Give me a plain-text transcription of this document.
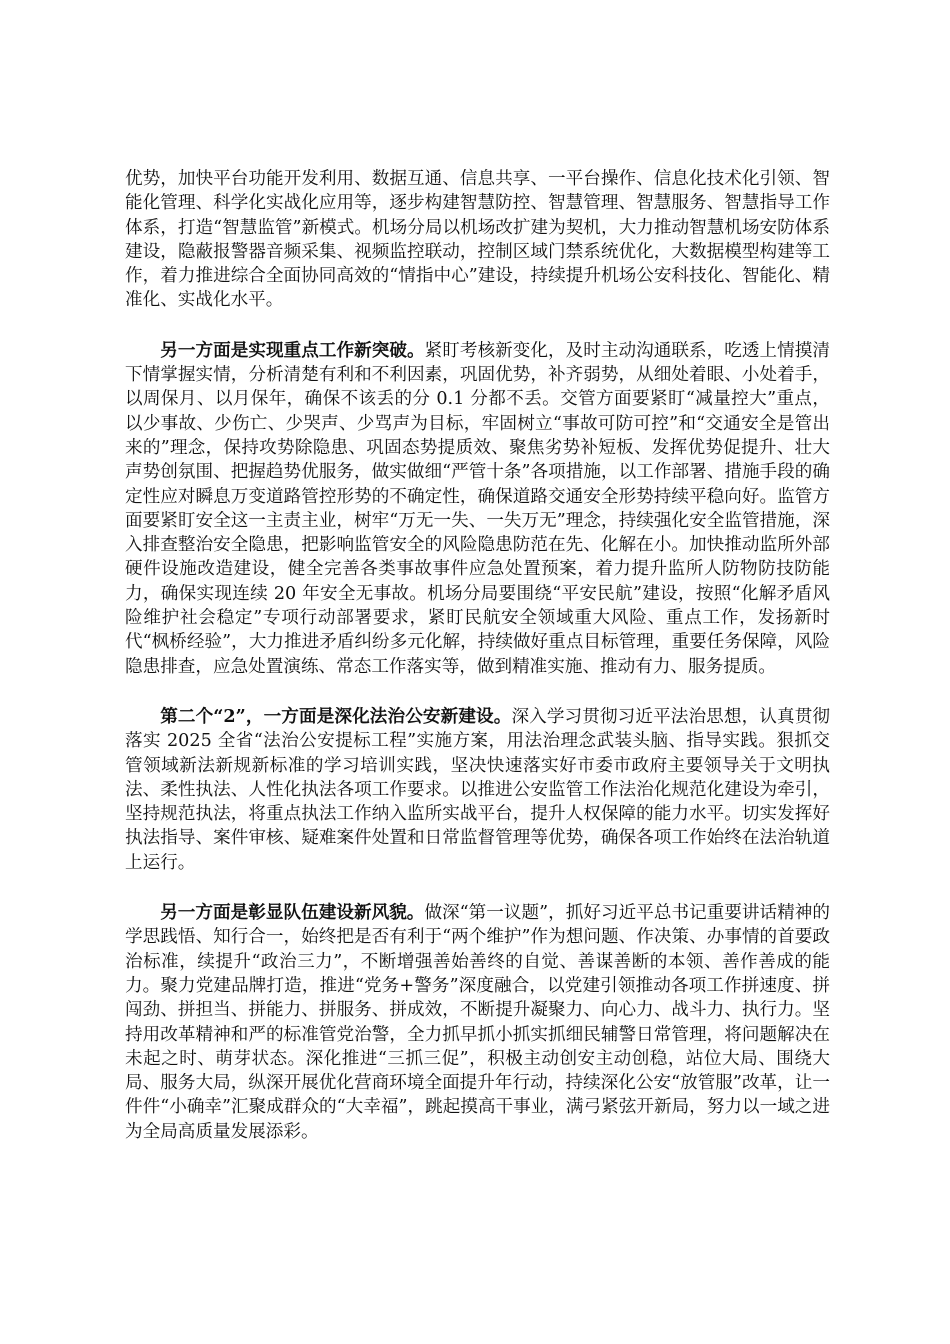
优势，加快平台功能开发利用、数据互通、信息共享、一平台操作、信息化技术化引领、智能化管理、科学化实战化应用等，逐步构建智慧防控、智慧管理、智慧服务、智慧指导工作体系，打造“智慧监管”新模式。机场分局以机场改扩建为契机，大力推动智慧机场安防体系建设，隐蔽报警器音频采集、视频监控联动，控制区域门禁系统优化，大数据模型构建等工作，着力推进综合全面协同高效的“情指中心”建设，持续提升机场公安科技化、智能化、精准化、实战化水平。

另一方面是实现重点工作新突破。紧盯考核新变化，及时主动沟通联系，吃透上情摸清下情掌握实情，分析清楚有利和不利因素，巩固优势，补齐弱势，从细处着眼、小处着手，以周保月、以月保年，确保不该丢的分 0.1 分都不丢。交管方面要紧盯“减量控大”重点，以少事故、少伤亡、少哭声、少骂声为目标，牢固树立“事故可防可控”和“交通安全是管出来的”理念，保持攻势除隐患、巩固态势提质效、聚焦劣势补短板、发挥优势促提升、壮大声势创氛围、把握趋势优服务，做实做细“严管十条”各项措施，以工作部署、措施手段的确定性应对瞬息万变道路管控形势的不确定性，确保道路交通安全形势持续平稳向好。监管方面要紧盯安全这一主责主业，树牢“万无一失、一失万无”理念，持续强化安全监管措施，深入排查整治安全隐患，把影响监管安全的风险隐患防范在先、化解在小。加快推动监所外部硬件设施改造建设，健全完善各类事故事件应急处置预案，着力提升监所人防物防技防能力，确保实现连续 20 年安全无事故。机场分局要围绕“平安民航”建设，按照“化解矛盾风险维护社会稳定”专项行动部署要求，紧盯民航安全领域重大风险、重点工作，发扬新时代“枫桥经验”，大力推进矛盾纠纷多元化解，持续做好重点目标管理，重要任务保障，风险隐患排查，应急处置演练、常态工作落实等，做到精准实施、推动有力、服务提质。

第二个“2”，一方面是深化法治公安新建设。深入学习贯彻习近平法治思想，认真贯彻落实 2025 全省“法治公安提标工程”实施方案，用法治理念武装头脑、指导实践。狠抓交管领域新法新规新标准的学习培训实践，坚决快速落实好市委市政府主要领导关于文明执法、柔性执法、人性化执法各项工作要求。以推进公安监管工作法治化规范化建设为牵引，坚持规范执法，将重点执法工作纳入监所实战平台，提升人权保障的能力水平。切实发挥好执法指导、案件审核、疑难案件处置和日常监督管理等优势，确保各项工作始终在法治轨道上运行。

另一方面是彰显队伍建设新风貌。做深“第一议题”，抓好习近平总书记重要讲话精神的学思践悟、知行合一，始终把是否有利于“两个维护”作为想问题、作决策、办事情的首要政治标准，续提升“政治三力”，不断增强善始善终的自觉、善谋善断的本领、善作善成的能力。聚力党建品牌打造，推进“党务+警务”深度融合，以党建引领推动各项工作拼速度、拼闯劲、拼担当、拼能力、拼服务、拼成效，不断提升凝聚力、向心力、战斗力、执行力。坚持用改革精神和严的标准管党治警，全力抓早抓小抓实抓细民辅警日常管理，将问题解决在未起之时、萌芽状态。深化推进“三抓三促”，积极主动创安主动创稳，站位大局、围绕大局、服务大局，纵深开展优化营商环境全面提升年行动，持续深化公安“放管服”改革，让一件件“小确幸”汇聚成群众的“大幸福”，跳起摸高干事业，满弓紧弦开新局，努力以一域之进为全局高质量发展添彩。
